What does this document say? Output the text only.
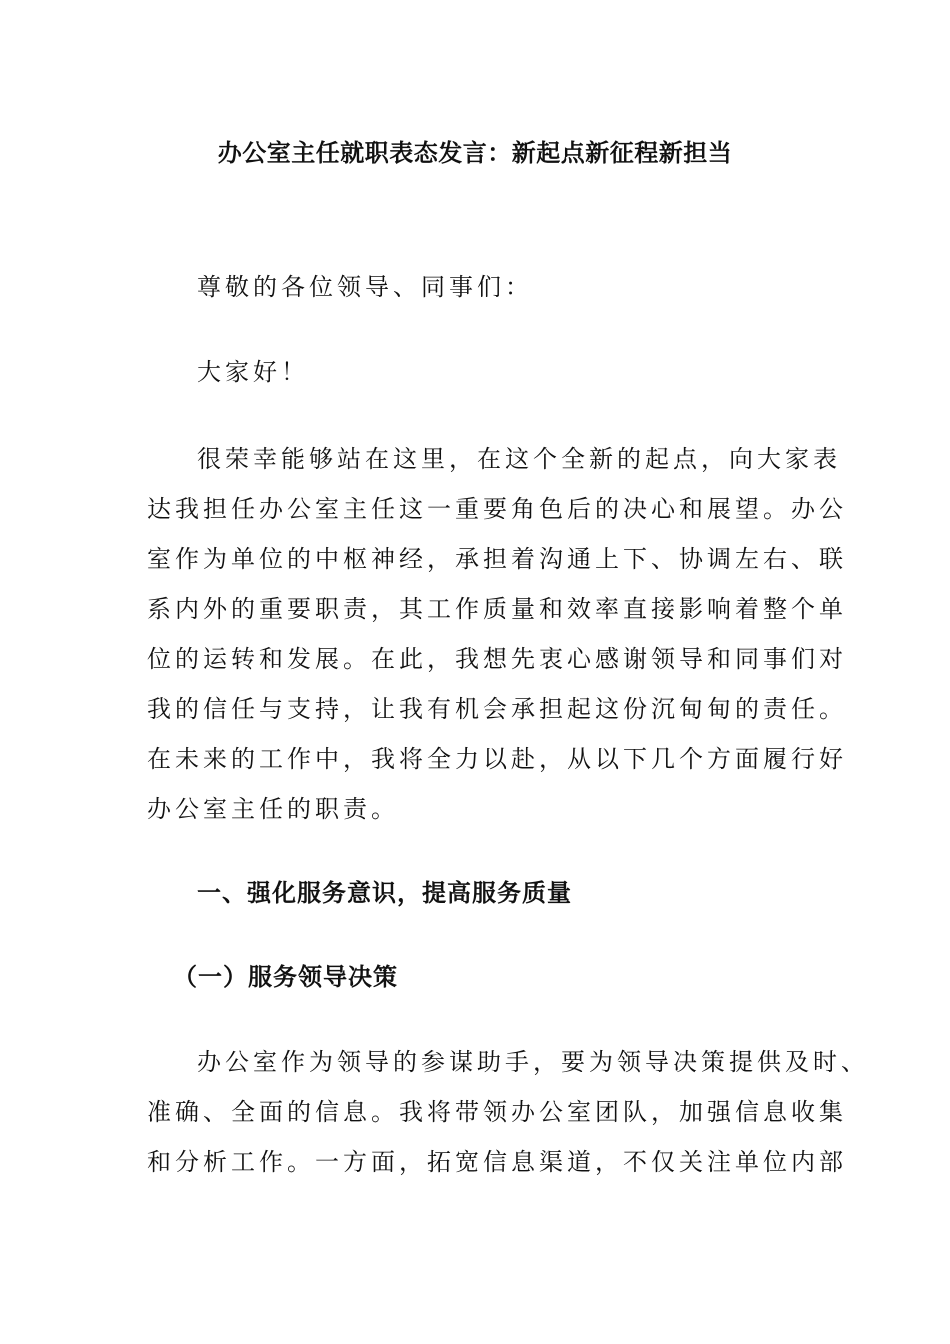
办公室主任就职表态发言：新起点新征程新担当
尊敬的各位领导、同事们：
大家好！
很荣幸能够站在这里，在这个全新的起点，向大家表
达我担任办公室主任这一重要角色后的决心和展望。办公
室作为单位的中枢神经，承担着沟通上下、协调左右、联
系内外的重要职责，其工作质量和效率直接影响着整个单
位的运转和发展。在此，我想先衷心感谢领导和同事们对
我的信任与支持，让我有机会承担起这份沉甸甸的责任。
在未来的工作中，我将全力以赴，从以下几个方面履行好
办公室主任的职责。
一、强化服务意识，提高服务质量
（一）服务领导决策
办公室作为领导的参谋助手，要为领导决策提供及时、
准确、全面的信息。我将带领办公室团队，加强信息收集
和分析工作。一方面，拓宽信息渠道，不仅关注单位内部
